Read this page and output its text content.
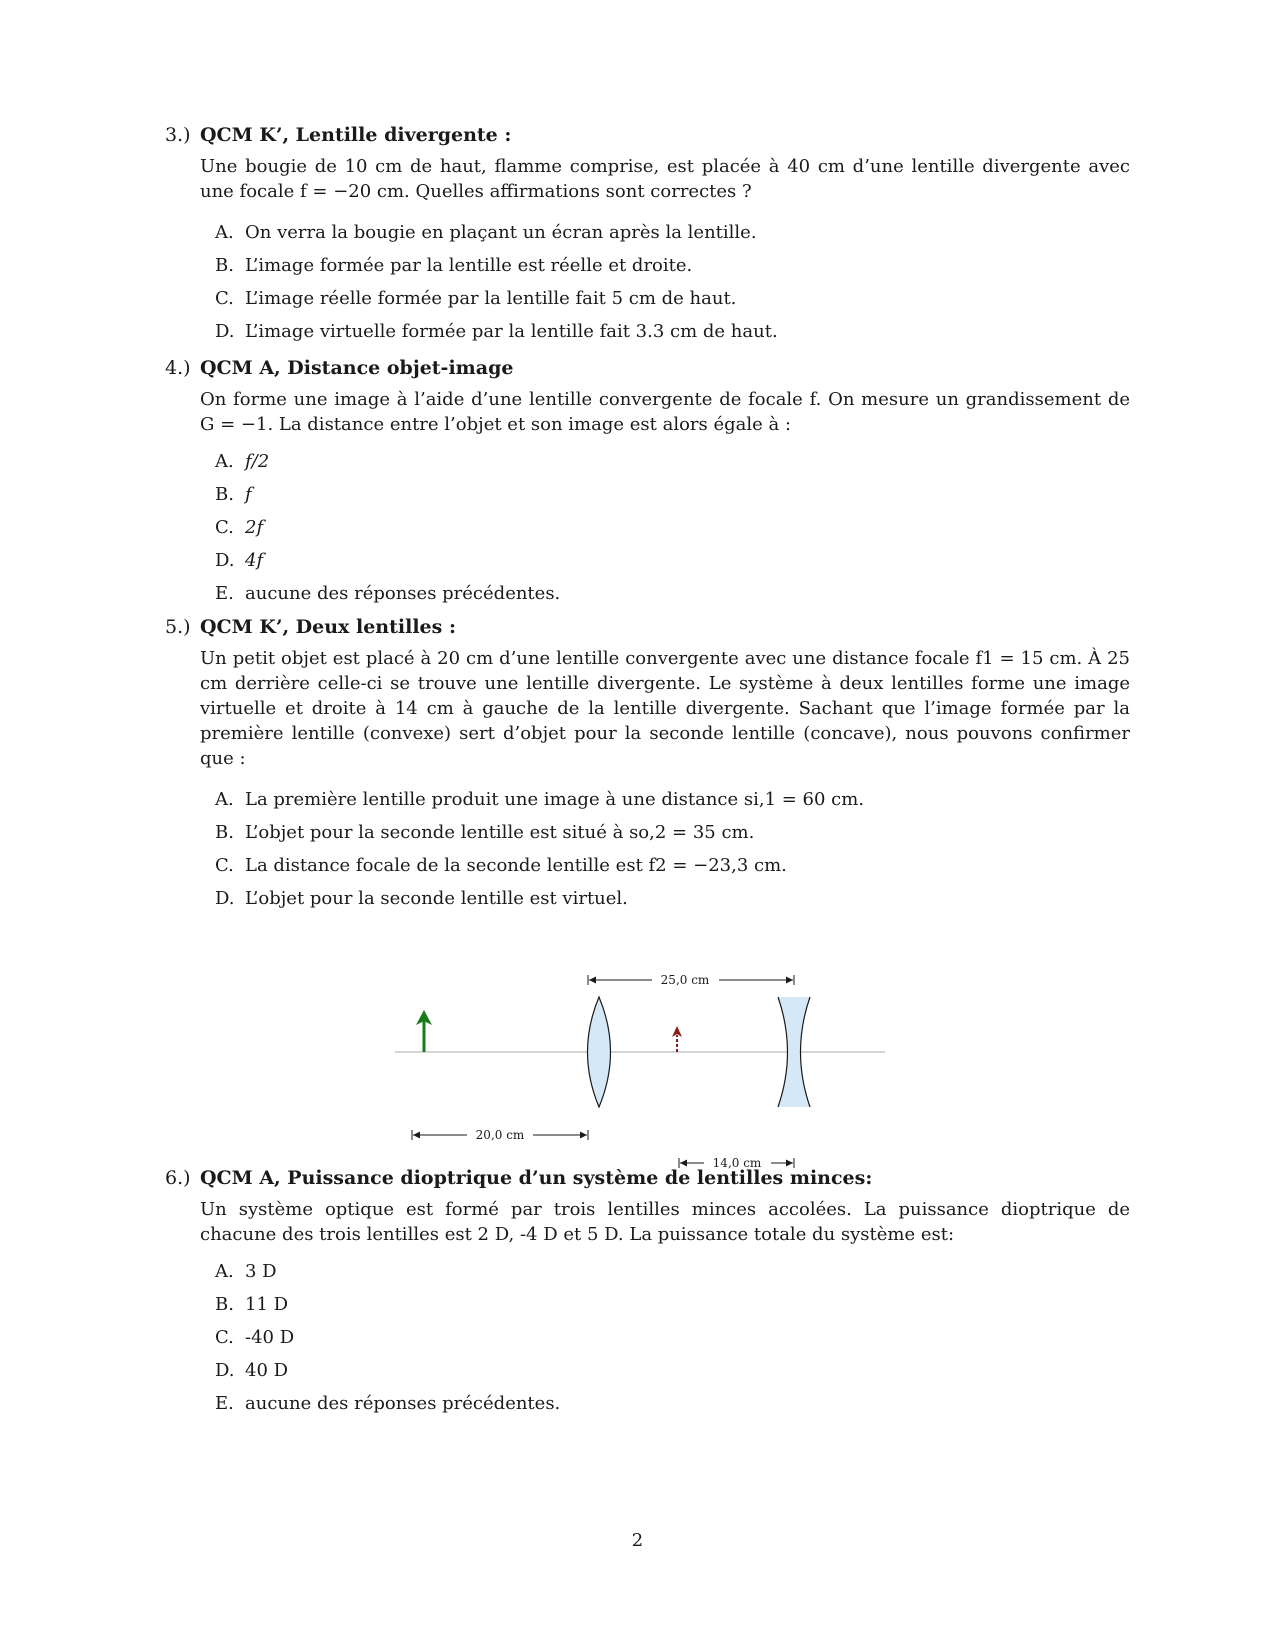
3.) QCM K’, Lentille divergente :

Une bougie de 10 cm de haut, flamme comprise, est placée à 40 cm d’une lentille divergente avec une focale f = −20 cm. Quelles affirmations sont correctes ?

A. On verra la bougie en plaçant un écran après la lentille.
B. L’image formée par la lentille est réelle et droite.
C. L’image réelle formée par la lentille fait 5 cm de haut.
D. L’image virtuelle formée par la lentille fait 3.3 cm de haut.
4.) QCM A, Distance objet-image

On forme une image à l’aide d’une lentille convergente de focale f. On mesure un grandissement de G = −1. La distance entre l’objet et son image est alors égale à :

A. f/2
B. f
C. 2f
D. 4f
E. aucune des réponses précédentes.
5.) QCM K’, Deux lentilles :

Un petit objet est placé à 20 cm d’une lentille convergente avec une distance focale f1 = 15 cm. À 25 cm derrière celle-ci se trouve une lentille divergente. Le système à deux lentilles forme une image virtuelle et droite à 14 cm à gauche de la lentille divergente. Sachant que l’image formée par la première lentille (convexe) sert d’objet pour la seconde lentille (concave), nous pouvons confirmer que :

A. La première lentille produit une image à une distance si,1 = 60 cm.
B. L’objet pour la seconde lentille est situé à so,2 = 35 cm.
C. La distance focale de la seconde lentille est f2 = −23,3 cm.
D. L’objet pour la seconde lentille est virtuel.
25,0 cm
20,0 cm
14,0 cm
6.) QCM A, Puissance dioptrique d’un système de lentilles minces:

Un système optique est formé par trois lentilles minces accolées. La puissance dioptrique de chacune des trois lentilles est 2 D, -4 D et 5 D. La puissance totale du système est:

A. 3 D
B. 11 D
C. -40 D
D. 40 D
E. aucune des réponses précédentes.
2
